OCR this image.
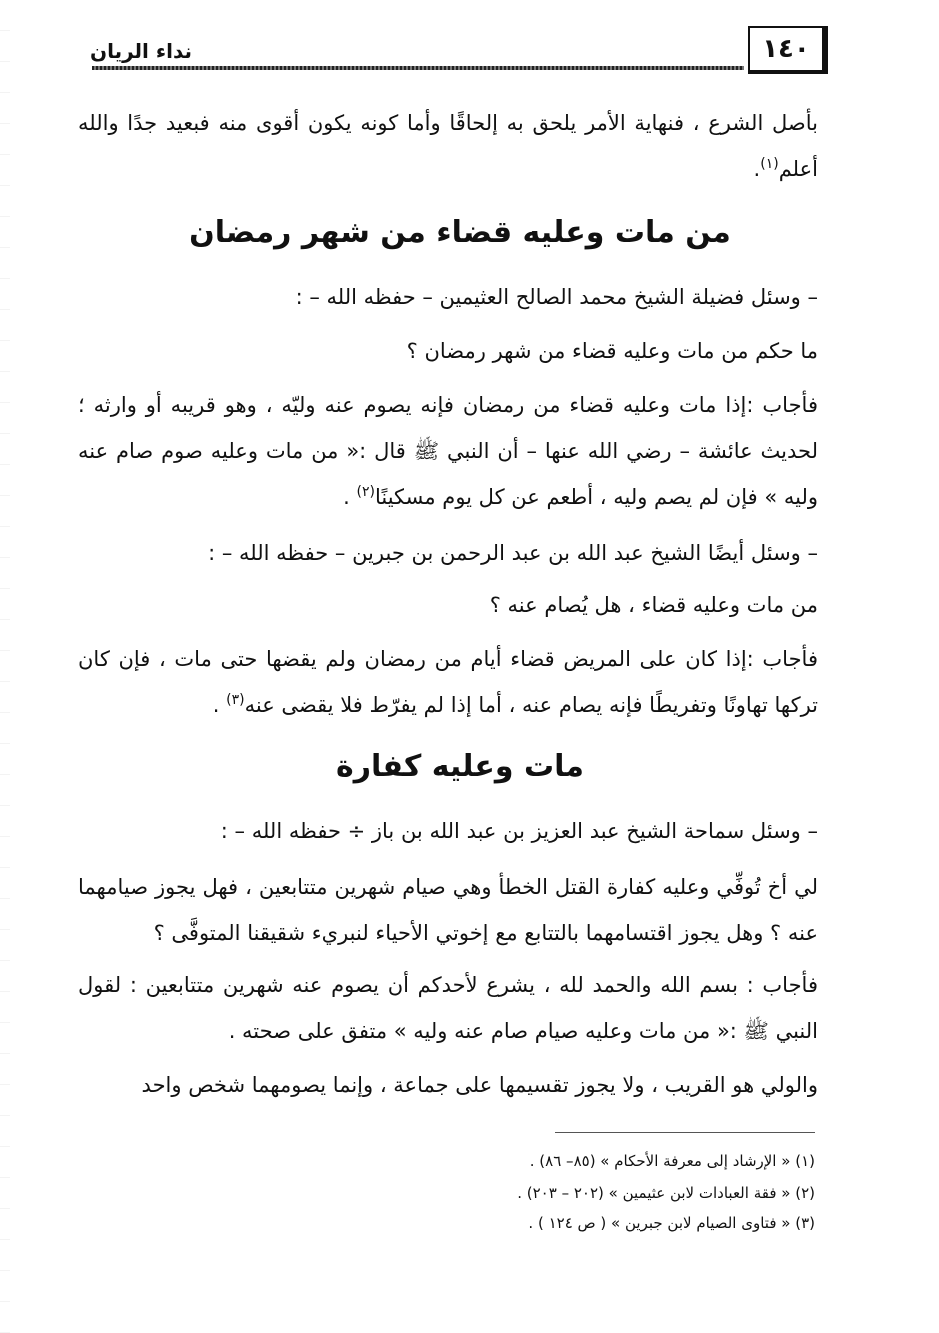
١٤٠
نداء الريان
بأصل الشرع ، فنهاية الأمر يلحق به إلحاقًا وأما كونه يكون أقوى منه فبعيد جدًا والله أعلم$^{(١)}$.
من مات وعليه قضاء من شهر رمضان
– وسئل فضيلة الشيخ محمد الصالح العثيمين – حفظه الله – :
ما حكم من مات وعليه قضاء من شهر رمضان ؟
فأجاب :إذا مات وعليه قضاء من رمضان فإنه يصوم عنه وليّه ، وهو قريبه أو وارثه ؛ لحديث عائشة – رضي الله عنها – أن النبي ﷺ قال :« من مات وعليه صوم صام عنه وليه » فإن لم يصم وليه ، أطعم عن كل يوم مسكينًا$^{(٢)}$ .
– وسئل أيضًا الشيخ عبد الله بن عبد الرحمن بن جبرين – حفظه الله – :
من مات وعليه قضاء ، هل يُصام عنه ؟
فأجاب :إذا كان على المريض قضاء أيام من رمضان ولم يقضها حتى مات ، فإن كان تركها تهاونًا وتفريطًا فإنه يصام عنه ، أما إذا لم يفرّط فلا يقضى عنه$^{(٣)}$ .
مات وعليه كفارة
– وسئل سماحة الشيخ عبد العزيز بن عبد الله بن باز ÷ حفظه الله – :
لي أخ تُوفِّي وعليه كفارة القتل الخطأ وهي صيام شهرين متتابعين ، فهل يجوز صيامهما عنه ؟ وهل يجوز اقتسامهما بالتتابع مع إخوتي الأحياء لنبريء شقيقنا المتوفَّى ؟
فأجاب : بسم الله والحمد لله ، يشرع لأحدكم أن يصوم عنه شهرين متتابعين : لقول النبي ﷺ :« من مات وعليه صيام صام عنه وليه » متفق على صحته .
والولي هو القريب ، ولا يجوز تقسيمها على جماعة ، وإنما يصومهما شخص واحد
(١) « الإرشاد إلى معرفة الأحكام » (٨٥– ٨٦) .
(٢) « فقة العبادات لابن عثيمين » (٢٠٢ – ٢٠٣) .
(٣) « فتاوى الصيام لابن جبرين » ( ص ١٢٤ ) .
